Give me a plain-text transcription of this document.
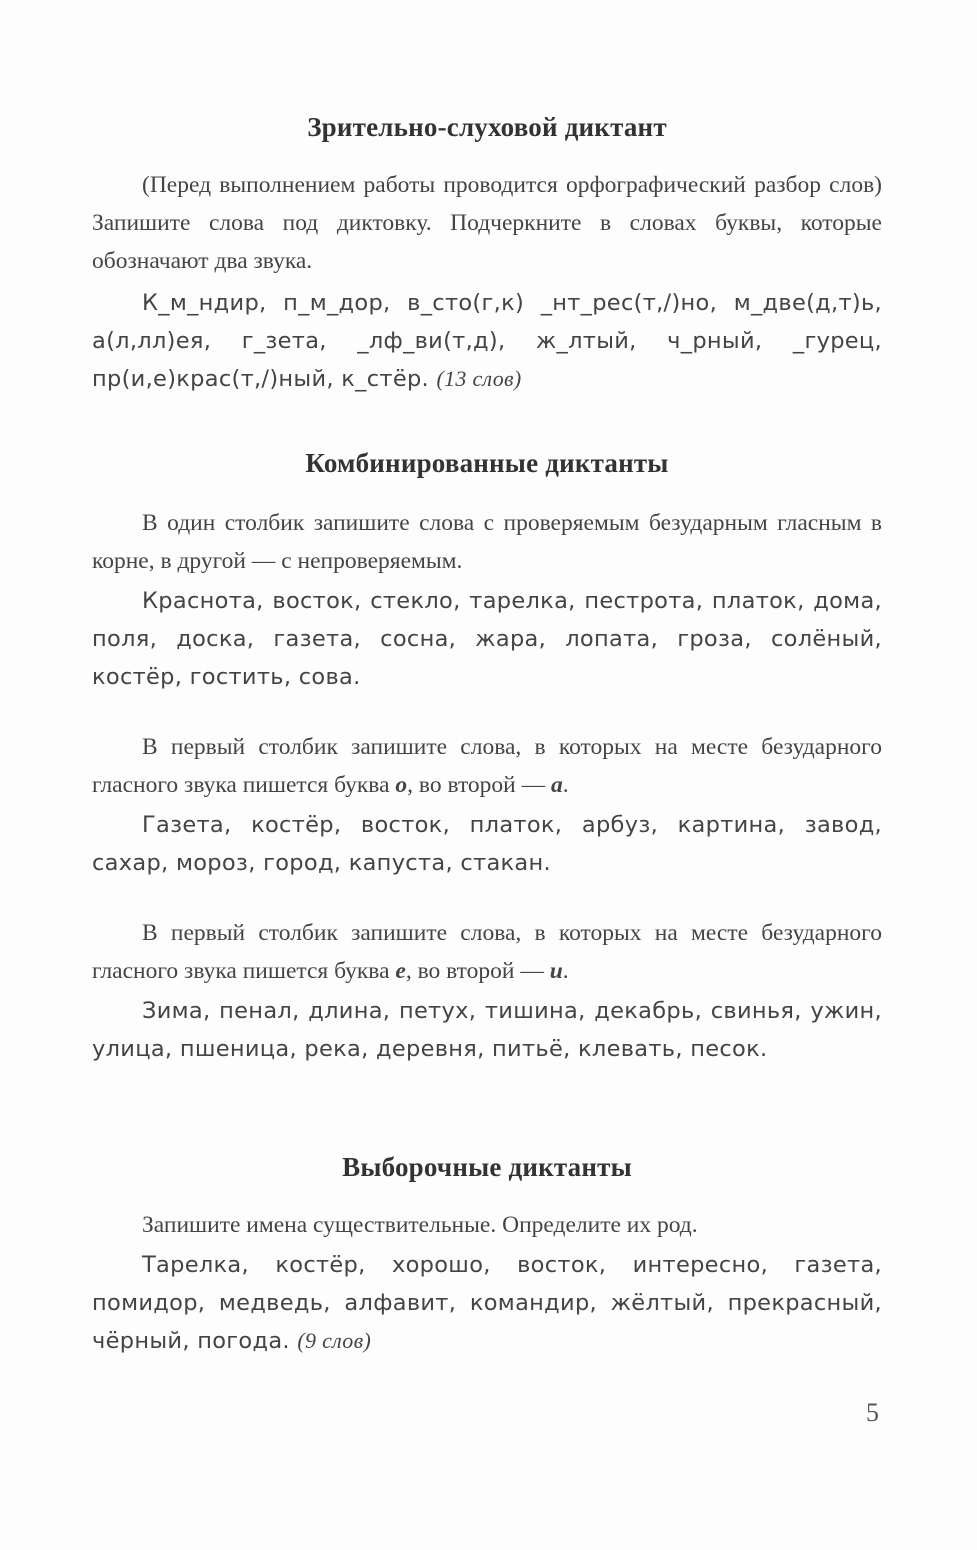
Зрительно-слуховой диктант
(Перед выполнением работы проводится орфографический разбор слов) Запишите слова под диктовку. Подчеркните в словах буквы, которые обозначают два звука.
К_м_ндир, п_м_дор, в_сто(г,к) _нт_рес(т,/)но, м_две(д,т)ь, а(л,лл)ея, г_зета, _лф_ви(т,д), ж_лтый, ч_рный, _гурец, пр(и,е)крас(т,/)ный, к_стёр. (13 слов)
Комбинированные диктанты
В один столбик запишите слова с проверяемым безударным гласным в корне, в другой — с непроверяемым.
Краснота, восток, стекло, тарелка, пестрота, платок, дома, поля, доска, газета, сосна, жара, лопата, гроза, солёный, костёр, гостить, сова.
В первый столбик запишите слова, в которых на месте безударного гласного звука пишется буква о, во второй — а.
Газета, костёр, восток, платок, арбуз, картина, завод, сахар, мороз, город, капуста, стакан.
В первый столбик запишите слова, в которых на месте безударного гласного звука пишется буква е, во второй — и.
Зима, пенал, длина, петух, тишина, декабрь, свинья, ужин, улица, пшеница, река, деревня, питьё, клевать, песок.
Выборочные диктанты
Запишите имена существительные. Определите их род.
Тарелка, костёр, хорошо, восток, интересно, газета, помидор, медведь, алфавит, командир, жёлтый, прекрасный, чёрный, погода. (9 слов)
5
